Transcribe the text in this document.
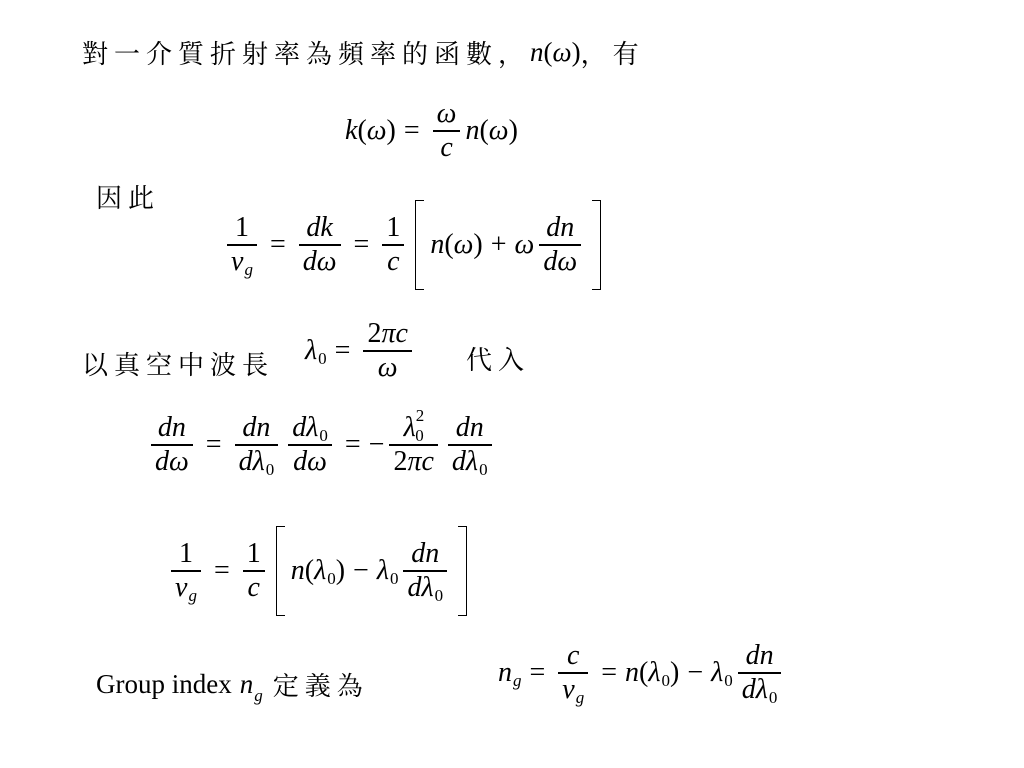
對一介質折射率為頻率的函數， n(ω) ，有
k ( ω ) = $\frac{\omega}{c}$ n ( ω )
因此
$\frac{1}{\text{v g}} = \frac{\text{d k}}{\text{d ω}} = \frac{1}{c}$ n ( ω ) + ω $\frac{\text{d n}}{\text{d ω}}$
以真空中波長
λ $0 = \frac{\text{2 π c}}{\omega}$ 代入
$\frac{\text{d n}}{\text{d ω}} = \frac{\text{d n}}{\text{d λ 0}} \frac{\text{d λ 0}}{\text{d ω}}$ = − λ 2
0
2 π c $\frac{\text{d n}}{\text{d λ 0}}$
$\frac{1}{\text{v g}} = \frac{1}{c}$ n ( λ 0 ) − λ $0 \frac{\text{d n}}{\text{d λ 0}}$
Group index $n_g$ 定義為	n $g = \frac{c}{\text{v g}} = n$ ( λ 0 ) − λ $0 \frac{\text{d n}}{\text{d λ 0}}$
